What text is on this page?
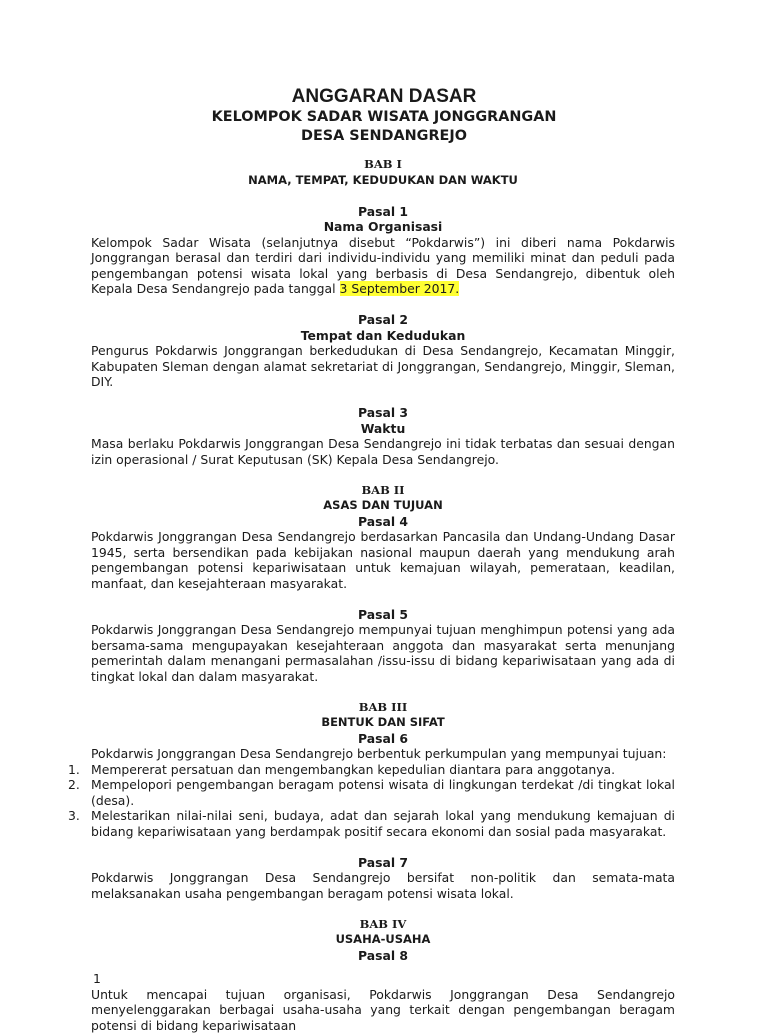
ANGGARAN DASAR
KELOMPOK SADAR WISATA JONGGRANGAN
DESA SENDANGREJO
BAB I
NAMA, TEMPAT, KEDUDUKAN DAN WAKTU
Pasal 1
Nama Organisasi

Kelompok Sadar Wisata (selanjutnya disebut “Pokdarwis”) ini diberi nama Pokdarwis Jonggrangan berasal dan terdiri dari individu-individu yang memiliki minat dan peduli pada pengembangan potensi wisata lokal yang berbasis di Desa Sendangrejo, dibentuk oleh Kepala Desa Sendangrejo pada tanggal 3 September 2017.

Pasal 2
Tempat dan Kedudukan

Pengurus Pokdarwis Jonggrangan berkedudukan di Desa Sendangrejo, Kecamatan Minggir, Kabupaten Sleman dengan alamat sekretariat di Jonggrangan, Sendangrejo, Minggir, Sleman, DIY.

Pasal 3
Waktu

Masa berlaku Pokdarwis Jonggrangan Desa Sendangrejo ini tidak terbatas dan sesuai dengan izin operasional / Surat Keputusan (SK) Kepala Desa Sendangrejo.

BAB II
ASAS DAN TUJUAN
Pasal 4

Pokdarwis Jonggrangan Desa Sendangrejo berdasarkan Pancasila dan Undang-Undang Dasar 1945, serta bersendikan pada kebijakan nasional maupun daerah yang mendukung arah pengembangan potensi kepariwisataan untuk kemajuan wilayah, pemerataan, keadilan, manfaat, dan kesejahteraan masyarakat.

Pasal 5

Pokdarwis Jonggrangan Desa Sendangrejo mempunyai tujuan menghimpun potensi yang ada bersama-sama mengupayakan kesejahteraan anggota dan masyarakat serta menunjang pemerintah dalam menangani permasalahan /issu-issu di bidang kepariwisataan yang ada di tingkat lokal dan dalam masyarakat.

BAB III
BENTUK DAN SIFAT
Pasal 6

Pokdarwis Jonggrangan Desa Sendangrejo berbentuk perkumpulan yang mempunyai tujuan:

1. Mempererat persatuan dan mengembangkan kepedulian diantara para anggotanya.
2. Mempelopori pengembangan beragam potensi wisata di lingkungan terdekat /di tingkat lokal (desa).
3. Melestarikan nilai-nilai seni, budaya, adat dan sejarah lokal yang mendukung kemajuan di bidang kepariwisataan yang berdampak positif secara ekonomi dan sosial pada masyarakat.
Pasal 7

Pokdarwis Jonggrangan Desa Sendangrejo bersifat non-politik dan semata-mata melaksanakan usaha pengembangan beragam potensi wisata lokal.

BAB IV
USAHA-USAHA
Pasal 8
1

Untuk mencapai tujuan organisasi, Pokdarwis Jonggrangan Desa Sendangrejo menyelenggarakan berbagai usaha-usaha yang terkait dengan pengembangan beragam potensi di bidang kepariwisataan
